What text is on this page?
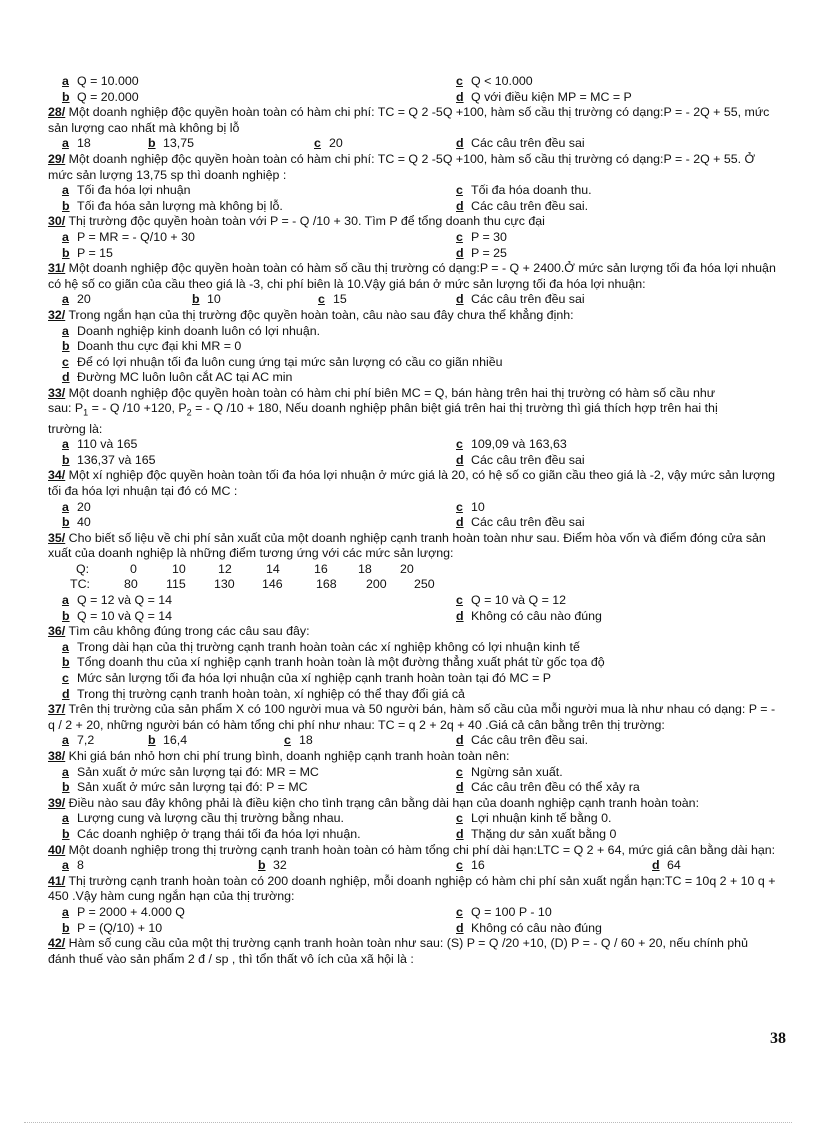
a Q = 10.000	c Q < 10.000
b Q = 20.000	d Q với điều kiện MP = MC = P
28/ Một doanh nghiệp độc quyền hoàn toàn có hàm chi phí: TC = Q 2 -5Q +100, hàm số cầu thị trường có dạng:P = - 2Q + 55, mức sản lượng cao nhất mà không bị lỗ
a 18	b 13,75	c 20	d Các câu trên đều sai
29/ Một doanh nghiệp độc quyền hoàn toàn có hàm chi phí: TC = Q 2 -5Q +100, hàm số cầu thị trường có dạng:P = - 2Q + 55. Ở mức sản lượng 13,75 sp thì doanh nghiệp :
a Tối đa hóa lợi nhuận	c Tối đa hóa doanh thu.
b Tối đa hóa sản lượng mà không bị lỗ.	d Các câu trên đều sai.
30/ Thị trường độc quyền hoàn toàn với P = - Q /10 + 30. Tìm P để tổng doanh thu cực đại
a P = MR = - Q/10 + 30	c P = 30
b P = 15	d P = 25
31/ Một doanh nghiệp độc quyền hoàn toàn có hàm số cầu thị trường có dạng:P = - Q + 2400.Ở mức sản lượng tối đa hóa lợi nhuận có hệ số co giãn của cầu theo giá là -3, chi phí biên là 10.Vậy giá bán ở mức sản lượng tối đa hóa lợi nhuận:
a 20	b 10	c 15	d Các câu trên đều sai
32/ Trong ngắn hạn của thị trường độc quyền hoàn toàn, câu nào sau đây chưa thể khẳng định:
a Doanh nghiệp kinh doanh luôn có lợi nhuận.
b Doanh thu cực đại khi MR = 0
c Để có lợi nhuận tối đa luôn cung ứng tại mức sản lượng có cầu co giãn nhiều
d Đường MC luôn luôn cắt AC tại AC min
33/ Một doanh nghiệp độc quyền hoàn toàn có hàm chi phí biên MC = Q, bán hàng trên hai thị trường có hàm số cầu như
sau: $P_1$ = - Q /10 +120, $P_2$ = - Q /10 + 180, Nếu doanh nghiệp phân biệt giá trên hai thị trường thì giá thích hợp trên hai thị
trường là:
a 110 và 165	c 109,09 và 163,63
b 136,37 và 165	d Các câu trên đều sai
34/ Một xí nghiệp độc quyền hoàn toàn tối đa hóa lợi nhuận ở mức giá là 20, có hệ số co giãn cầu theo giá là -2, vậy mức sản lượng tối đa hóa lợi nhuận tại đó có MC :
a 20	c 10
b 40	d Các câu trên đều sai
35/ Cho biết số liệu về chi phí sản xuất của một doanh nghiệp cạnh tranh hoàn toàn như sau. Điểm hòa vốn và điểm đóng cửa sản xuất của doanh nghiệp là những điểm tương ứng với các mức sản lượng:
Q:	0	10	12	14	16 18 20
TC:	80 115 130 146	168 200 250
a Q = 12 và Q = 14	c Q = 10 và Q = 12
b Q = 10 và Q = 14	d Không có câu nào đúng
36/ Tìm câu không đúng trong các câu sau đây:
a Trong dài hạn của thị trường cạnh tranh hoàn toàn các xí nghiệp không có lợi nhuận kinh tế
b Tổng doanh thu của xí nghiệp cạnh tranh hoàn toàn là một đường thẳng xuất phát từ gốc tọa độ
c Mức sản lượng tối đa hóa lợi nhuận của xí nghiệp cạnh tranh hoàn toàn tại đó MC = P
d Trong thị trường cạnh tranh hoàn toàn, xí nghiệp có thể thay đổi giá cả
37/ Trên thị trường của sản phẩm X có 100 người mua và 50 người bán, hàm số cầu của mỗi người mua là như nhau có dạng: P = - q / 2 + 20, những người bán có hàm tổng chi phí như nhau: TC = q 2 + 2q + 40 .Giá cả cân bằng trên thị trường:
a 7,2	b 16,4	c 18	d Các câu trên đều sai.
38/ Khi giá bán nhỏ hơn chi phí trung bình, doanh nghiệp cạnh tranh hoàn toàn nên:
a Sản xuất ở mức sản lượng tại đó: MR = MC	c Ngừng sản xuất.
b Sản xuất ở mức sản lượng tại đó: P = MC	d Các câu trên đều có thể xảy ra
39/ Điều nào sau đây không phải là điều kiện cho tình trạng cân bằng dài hạn của doanh nghiệp cạnh tranh hoàn toàn:
a Lượng cung và lượng cầu thị trường bằng nhau.	c Lợi nhuận kinh tế bằng 0.
b Các doanh nghiệp ở trạng thái tối đa hóa lợi nhuận.	d Thặng dư sản xuất bằng 0
40/ Một doanh nghiệp trong thị trường cạnh tranh hoàn toàn có hàm tổng chi phí dài hạn:LTC = Q 2 + 64, mức giá cân bằng dài hạn:
a 8	b 32	c 16	d 64
41/ Thị trường cạnh tranh hoàn toàn có 200 doanh nghiệp, mỗi doanh nghiệp có hàm chi phí sản xuất ngắn hạn:TC = 10q 2 + 10 q + 450 .Vậy hàm cung ngắn hạn của thị trường:
a P = 2000 + 4.000 Q	c Q = 100 P - 10
b P = (Q/10) + 10	d Không có câu nào đúng
42/ Hàm số cung cầu của một thị trường cạnh tranh hoàn toàn như sau: (S) P = Q /20 +10, (D) P = - Q / 60 + 20, nếu chính phủ đánh thuế vào sản phẩm 2 đ / sp , thì tổn thất vô ích của xã hội là :
38
